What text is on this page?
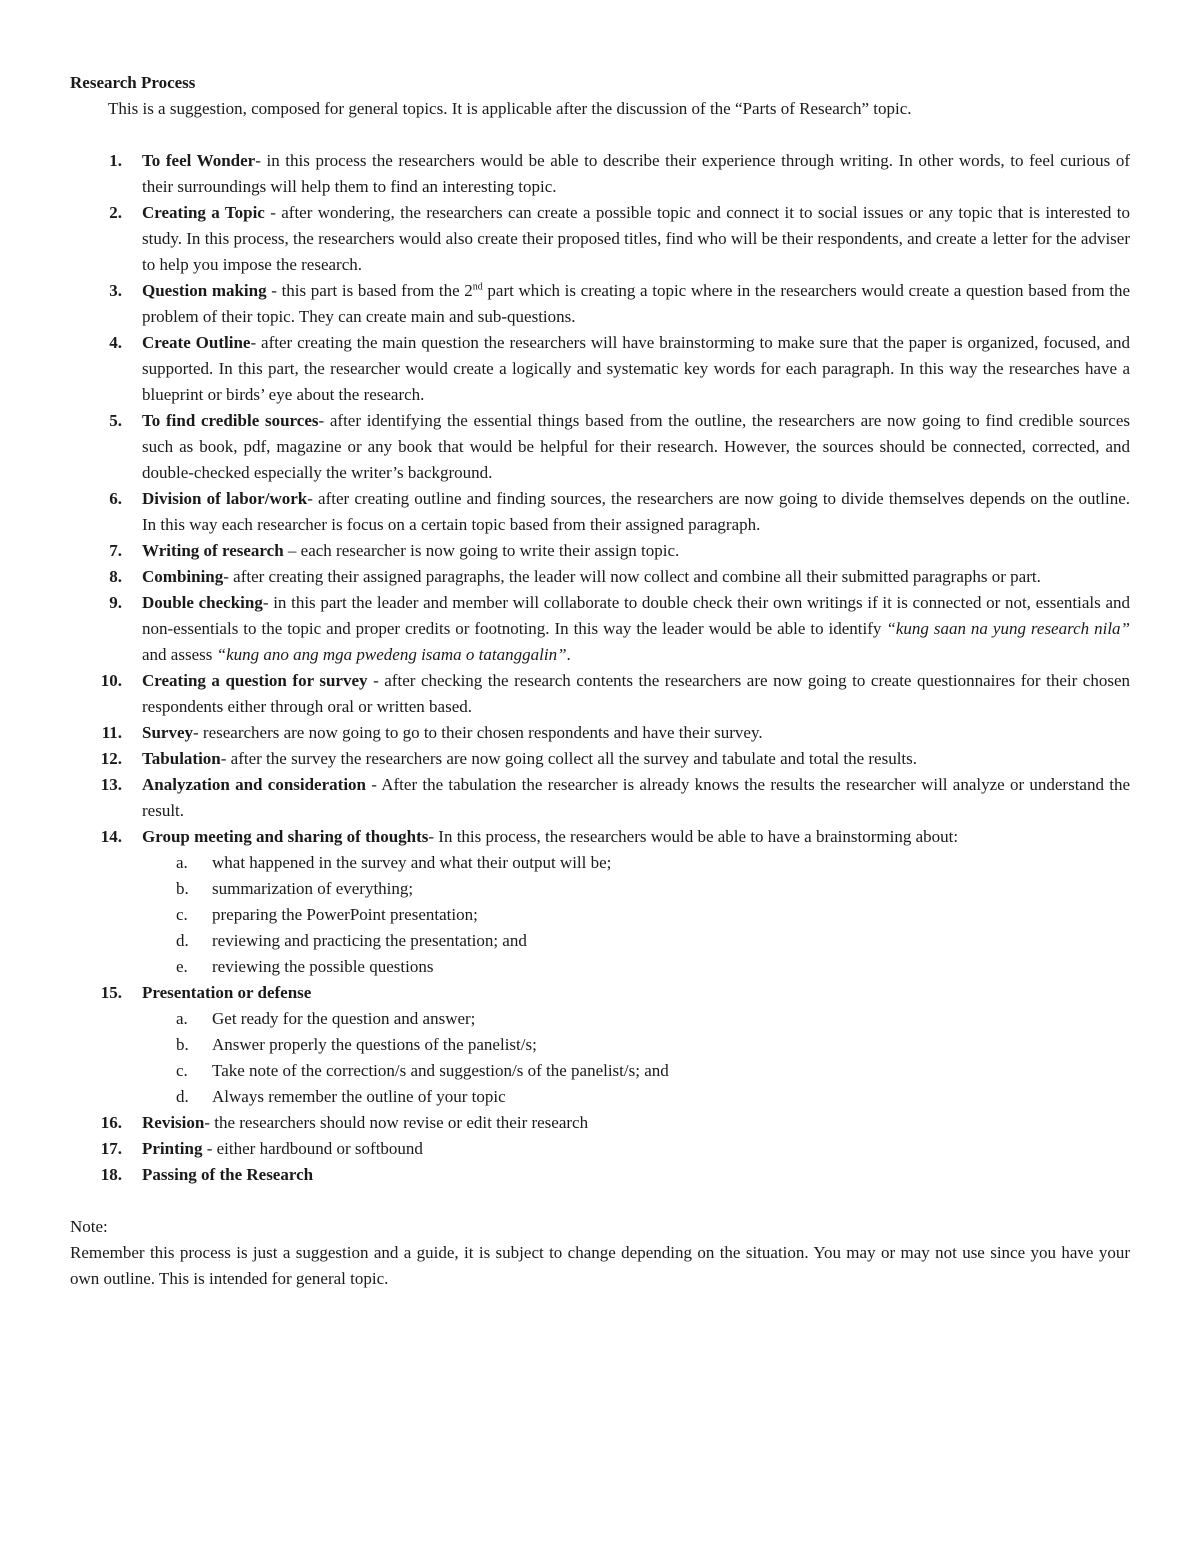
Research Process

This is a suggestion, composed for general topics. It is applicable after the discussion of the “Parts of Research” topic.

1. To feel Wonder- in this process the researchers would be able to describe their experience through writing. In other words, to feel curious of their surroundings will help them to find an interesting topic.
2. Creating a Topic - after wondering, the researchers can create a possible topic and connect it to social issues or any topic that is interested to study. In this process, the researchers would also create their proposed titles, find who will be their respondents, and create a letter for the adviser to help you impose the research.
3. Question making - this part is based from the 2nd part which is creating a topic where in the researchers would create a question based from the problem of their topic. They can create main and sub-questions.
4. Create Outline- after creating the main question the researchers will have brainstorming to make sure that the paper is organized, focused, and supported. In this part, the researcher would create a logically and systematic key words for each paragraph. In this way the researches have a blueprint or birds’ eye about the research.
5. To find credible sources- after identifying the essential things based from the outline, the researchers are now going to find credible sources such as book, pdf, magazine or any book that would be helpful for their research. However, the sources should be connected, corrected, and double-checked especially the writer’s background.
6. Division of labor/work- after creating outline and finding sources, the researchers are now going to divide themselves depends on the outline. In this way each researcher is focus on a certain topic based from their assigned paragraph.
7. Writing of research – each researcher is now going to write their assign topic.
8. Combining- after creating their assigned paragraphs, the leader will now collect and combine all their submitted paragraphs or part.
9. Double checking- in this part the leader and member will collaborate to double check their own writings if it is connected or not, essentials and non-essentials to the topic and proper credits or footnoting. In this way the leader would be able to identify “kung saan na yung research nila” and assess “kung ano ang mga pwedeng isama o tatanggalin”.
10. Creating a question for survey - after checking the research contents the researchers are now going to create questionnaires for their chosen respondents either through oral or written based.
11. Survey- researchers are now going to go to their chosen respondents and have their survey.
12. Tabulation- after the survey the researchers are now going collect all the survey and tabulate and total the results.
13. Analyzation and consideration - After the tabulation the researcher is already knows the results the researcher will analyze or understand the result.
14. Group meeting and sharing of thoughts- In this process, the researchers would be able to have a brainstorming about:
a. what happened in the survey and what their output will be;
b. summarization of everything;
c. preparing the PowerPoint presentation;
d. reviewing and practicing the presentation; and
e. reviewing the possible questions
15. Presentation or defense
a. Get ready for the question and answer;
b. Answer properly the questions of the panelist/s;
c. Take note of the correction/s and suggestion/s of the panelist/s; and
d. Always remember the outline of your topic
16. Revision- the researchers should now revise or edit their research
17. Printing - either hardbound or softbound
18. Passing of the Research

Note:

Remember this process is just a suggestion and a guide, it is subject to change depending on the situation. You may or may not use since you have your own outline. This is intended for general topic.
